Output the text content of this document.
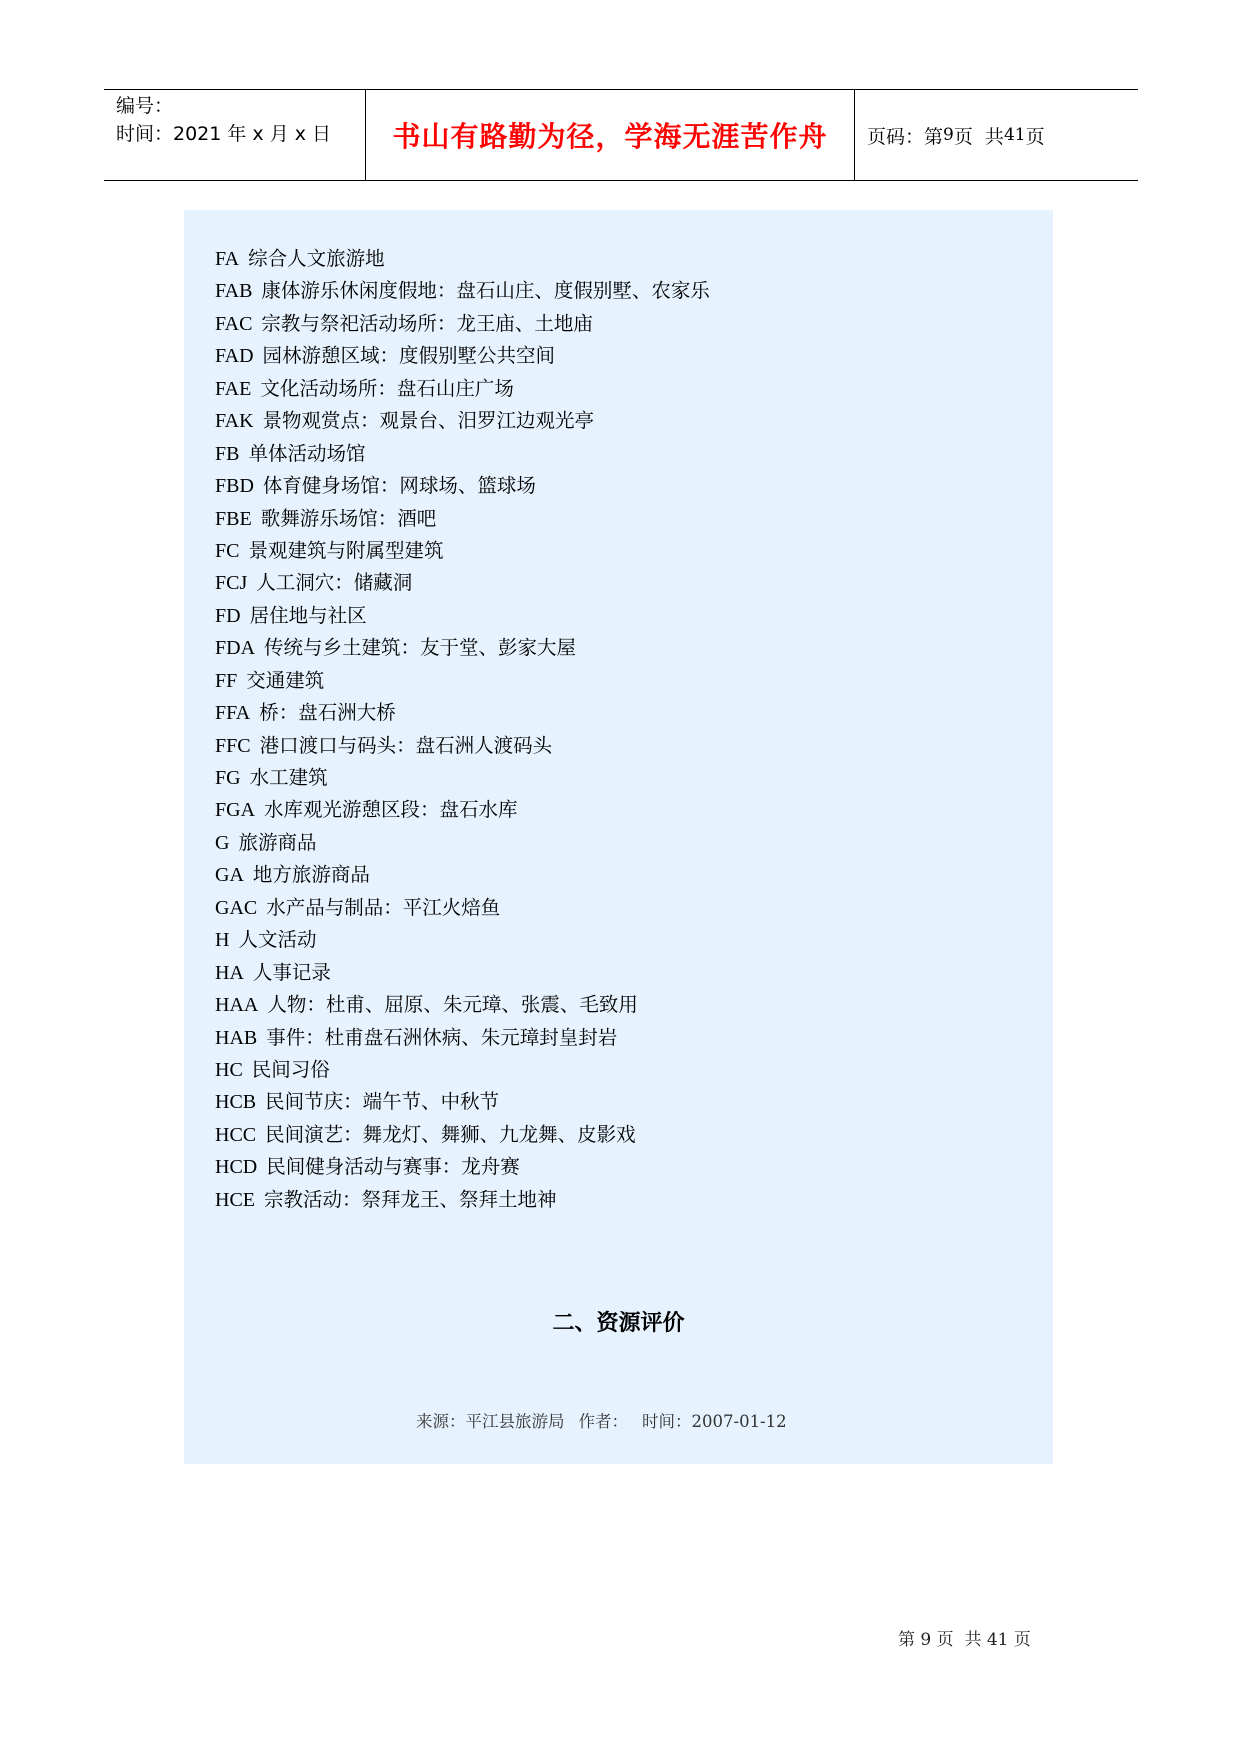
编号：
时间：2021 年 x 月 x 日	书山有路勤为径，学海无涯苦作舟	页码：第 9 页  共 41 页
FA 综合人文旅游地
FAB 康体游乐休闲度假地：盘石山庄、度假别墅、农家乐
FAC 宗教与祭祀活动场所：龙王庙、土地庙
FAD 园林游憩区域：度假别墅公共空间
FAE 文化活动场所：盘石山庄广场
FAK 景物观赏点：观景台、汨罗江边观光亭
FB 单体活动场馆
FBD 体育健身场馆：网球场、篮球场
FBE 歌舞游乐场馆：酒吧
FC 景观建筑与附属型建筑
FCJ 人工洞穴：储藏洞
FD 居住地与社区
FDA 传统与乡土建筑：友于堂、彭家大屋
FF 交通建筑
FFA 桥：盘石洲大桥
FFC 港口渡口与码头：盘石洲人渡码头
FG 水工建筑
FGA 水库观光游憩区段：盘石水库
G 旅游商品
GA 地方旅游商品
GAC 水产品与制品：平江火焙鱼
H 人文活动
HA 人事记录
HAA 人物：杜甫、屈原、朱元璋、张震、毛致用
HAB 事件：杜甫盘石洲休病、朱元璋封皇封岩
HC 民间习俗
HCB 民间节庆：端午节、中秋节
HCC 民间演艺：舞龙灯、舞狮、九龙舞、皮影戏
HCD 民间健身活动与赛事：龙舟赛
HCE 宗教活动：祭拜龙王、祭拜土地神
二、资源评价
来源：平江县旅游局 作者： 时间：2007-01-12
第 9 页  共 41 页
